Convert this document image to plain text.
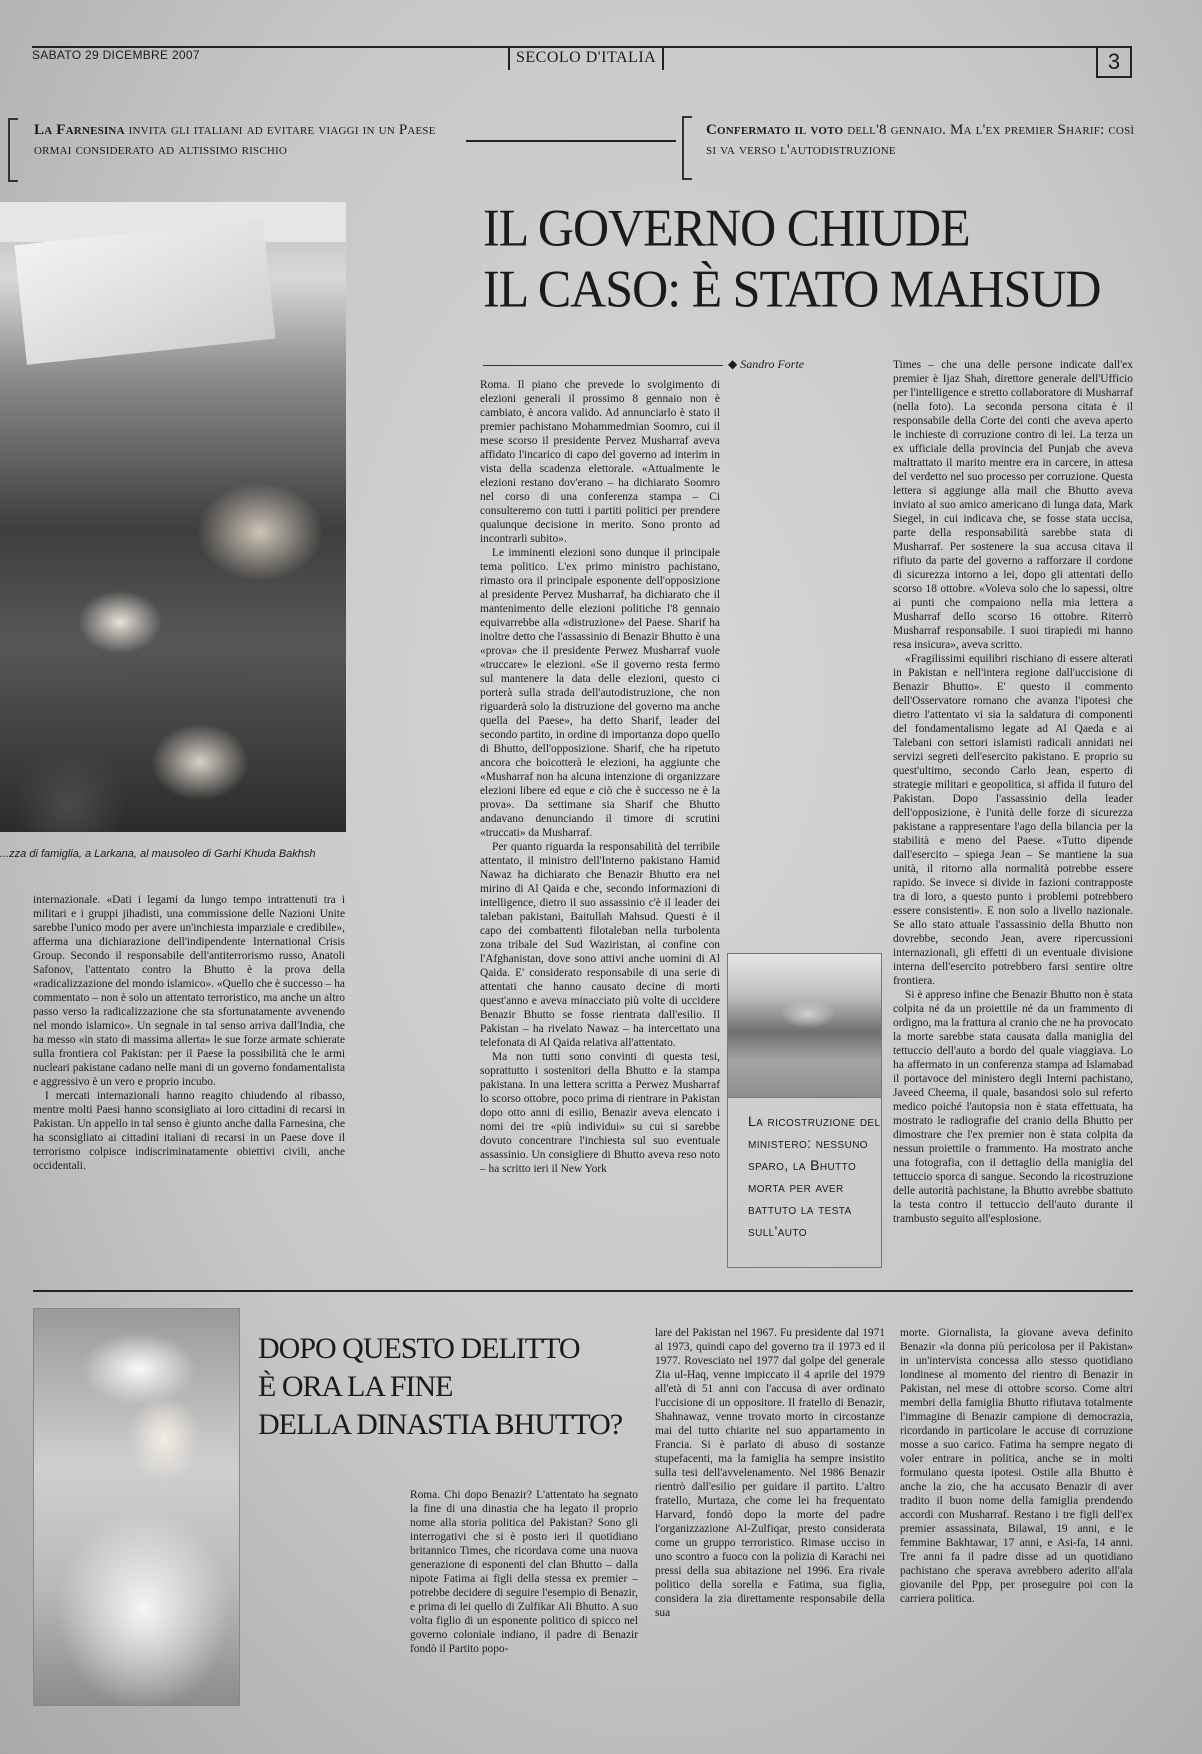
SABATO 29 DICEMBRE 2007	SECOLO D'ITALIA	3
La Farnesina invita gli italiani ad evitare viaggi in un Paese ormai considerato ad altissimo rischio
Confermato il voto dell'8 gennaio. Ma l'ex premier Sharif: così si va verso l'autodistruzione
...zza di famiglia, a Larkana, al mausoleo di Garhi Khuda Bakhsh
IL GOVERNO CHIUDE
IL CASO: È STATO MAHSUD
◆ Sandro Forte

Roma. Il piano che prevede lo svolgimento di elezioni generali il prossimo 8 gennaio non è cambiato, è ancora valido. Ad annunciarlo è stato il premier pachistano Mohammedmian Soomro, cui il mese scorso il presidente Pervez Musharraf aveva affidato l'incarico di capo del governo ad interim in vista della scadenza elettorale. «Attualmente le elezioni restano dov'erano – ha dichiarato Soomro nel corso di una conferenza stampa – Ci consulteremo con tutti i partiti politici per prendere qualunque decisione in merito. Sono pronto ad incontrarli subito».

Le imminenti elezioni sono dunque il principale tema politico. L'ex primo ministro pachistano, rimasto ora il principale esponente dell'opposizione al presidente Pervez Musharraf, ha dichiarato che il mantenimento delle elezioni politiche l'8 gennaio equivarrebbe alla «distruzione» del Paese. Sharif ha inoltre detto che l'assassinio di Benazir Bhutto è una «prova» che il presidente Perwez Musharraf vuole «truccare» le elezioni. «Se il governo resta fermo sul mantenere la data delle elezioni, questo ci porterà sulla strada dell'autodistruzione, che non riguarderà solo la distruzione del governo ma anche quella del Paese», ha detto Sharif, leader del secondo partito, in ordine di importanza dopo quello di Bhutto, dell'opposizione. Sharif, che ha ripetuto ancora che boicotterà le elezioni, ha aggiunte che «Musharraf non ha alcuna intenzione di organizzare elezioni libere ed eque e ciò che è successo ne è la prova». Da settimane sia Sharif che Bhutto andavano denunciando il timore di scrutini «truccati» da Musharraf.

Per quanto riguarda la responsabilità del terribile attentato, il ministro dell'Interno pakistano Hamid Nawaz ha dichiarato che Benazir Bhutto era nel mirino di Al Qaida e che, secondo informazioni di intelligence, dietro il suo assassinio c'è il leader dei taleban pakistani, Baitullah Mahsud. Questi è il capo dei combattenti filotaleban nella turbolenta zona tribale del Sud Waziristan, al confine con l'Afghanistan, dove sono attivi anche uomini di Al Qaida. E' considerato responsabile di una serie di attentati che hanno causato decine di morti quest'anno e aveva minacciato più volte di uccidere Benazir Bhutto se fosse rientrata dall'esilio. Il Pakistan – ha rivelato Nawaz – ha intercettato una telefonata di Al Qaida relativa all'attentato.

Ma non tutti sono convinti di questa tesi, soprattutto i sostenitori della Bhutto e la stampa pakistana. In una lettera scritta a Perwez Musharraf lo scorso ottobre, poco prima di rientrare in Pakistan dopo otto anni di esilio, Benazir aveva elencato i nomi dei tre «più individui» su cui si sarebbe dovuto concentrare l'inchiesta sul suo eventuale assassinio. Un consigliere di Bhutto aveva reso noto – ha scritto ieri il New York

Times – che una delle persone indicate dall'ex premier è Ijaz Shah, direttore generale dell'Ufficio per l'intelligence e stretto collaboratore di Musharraf (nella foto). La seconda persona citata è il responsabile della Corte dei conti che aveva aperto le inchieste di corruzione contro di lei. La terza un ex ufficiale della provincia del Punjab che aveva maltrattato il marito mentre era in carcere, in attesa del verdetto nel suo processo per corruzione. Questa lettera si aggiunge alla mail che Bhutto aveva inviato al suo amico americano di lunga data, Mark Siegel, in cui indicava che, se fosse stata uccisa, parte della responsabilità sarebbe stata di Musharraf. Per sostenere la sua accusa citava il rifiuto da parte del governo a rafforzare il cordone di sicurezza intorno a lei, dopo gli attentati dello scorso 18 ottobre. «Voleva solo che lo sapessi, oltre ai punti che compaiono nella mia lettera a Musharraf dello scorso 16 ottobre. Riterrò Musharraf responsabile. I suoi tirapiedi mi hanno resa insicura», aveva scritto.

«Fragilissimi equilibri rischiano di essere alterati in Pakistan e nell'intera regione dall'uccisione di Benazir Bhutto». E' questo il commento dell'Osservatore romano che avanza l'ipotesi che dietro l'attentato vi sia la saldatura di componenti del fondamentalismo legate ad Al Qaeda e ai Talebani con settori islamisti radicali annidati nei servizi segreti dell'esercito pakistano. E proprio su quest'ultimo, secondo Carlo Jean, esperto di strategie militari e geopolitica, si affida il futuro del Pakistan. Dopo l'assassinio della leader dell'opposizione, è l'unità delle forze di sicurezza pakistane a rappresentare l'ago della bilancia per la stabilità e meno del Paese. «Tutto dipende dall'esercito – spiega Jean – Se mantiene la sua unità, il ritorno alla normalità potrebbe essere rapido. Se invece si divide in fazioni contrapposte tra di loro, a questo punto i problemi potrebbero essere consistenti». E non solo a livello nazionale. Se allo stato attuale l'assassinio della Bhutto non dovrebbe, secondo Jean, avere ripercussioni internazionali, gli effetti di un eventuale divisione interna dell'esercito potrebbero farsi sentire oltre frontiera.

Si è appreso infine che Benazir Bhutto non è stata colpita né da un proiettile né da un frammento di ordigno, ma la frattura al cranio che ne ha provocato la morte sarebbe stata causata dalla maniglia del tettuccio dell'auto a bordo del quale viaggiava. Lo ha affermato in un conferenza stampa ad Islamabad il portavoce del ministero degli Interni pachistano, Javeed Cheema, il quale, basandosi solo sul referto medico poiché l'autopsia non è stata effettuata, ha mostrato le radiografie del cranio della Bhutto per dimostrare che l'ex premier non è stata colpita da nessun proiettile o frammento. Ha mostrato anche una fotografia, con il dettaglio della maniglia del tettuccio sporca di sangue. Secondo la ricostruzione delle autorità pachistane, la Bhutto avrebbe sbattuto la testa contro il tettuccio dell'auto durante il trambusto seguito all'esplosione.

internazionale. «Dati i legami da lungo tempo intrattenuti tra i militari e i gruppi jihadisti, una commissione delle Nazioni Unite sarebbe l'unico modo per avere un'inchiesta imparziale e credibile», afferma una dichiarazione dell'indipendente International Crisis Group. Secondo il responsabile dell'antiterrorismo russo, Anatoli Safonov, l'attentato contro la Bhutto è la prova della «radicalizzazione del mondo islamico». «Quello che è successo – ha commentato – non è solo un attentato terroristico, ma anche un altro passo verso la radicalizzazione che sta sfortunatamente avvenendo nel mondo islamico». Un segnale in tal senso arriva dall'India, che ha messo «in stato di massima allerta» le sue forze armate schierate sulla frontiera col Pakistan: per il Paese la possibilità che le armi nucleari pakistane cadano nelle mani di un governo fondamentalista e aggressivo è un vero e proprio incubo.

I mercati internazionali hanno reagito chiudendo al ribasso, mentre molti Paesi hanno sconsigliato ai loro cittadini di recarsi in Pakistan. Un appello in tal senso è giunto anche dalla Farnesina, che ha sconsigliato ai cittadini italiani di recarsi in un Paese dove il terrorismo colpisce indiscriminatamente obiettivi civili, anche occidentali.

La ricostruzione del ministero: nessuno sparo, la Bhutto morta per aver battuto la testa sull'auto
DOPO QUESTO DELITTO
È ORA LA FINE
DELLA DINASTIA BHUTTO?

Roma. Chi dopo Benazir? L'attentato ha segnato la fine di una dinastia che ha legato il proprio nome alla storia politica del Pakistan? Sono gli interrogativi che si è posto ieri il quotidiano britannico Times, che ricordava come una nuova generazione di esponenti del clan Bhutto – dalla nipote Fatima ai figli della stessa ex premier – potrebbe decidere di seguire l'esempio di Benazir, e prima di lei quello di Zulfikar Ali Bhutto. A suo volta figlio di un esponente politico di spicco nel governo coloniale indiano, il padre di Benazir fondò il Partito popo-

lare del Pakistan nel 1967. Fu presidente dal 1971 al 1973, quindi capo del governo tra il 1973 ed il 1977. Rovesciato nel 1977 dal golpe del generale Zia ul-Haq, venne impiccato il 4 aprile del 1979 all'età di 51 anni con l'accusa di aver ordinato l'uccisione di un oppositore. Il fratello di Benazir, Shahnawaz, venne trovato morto in circostanze mai del tutto chiarite nel suo appartamento in Francia. Si è parlato di abuso di sostanze stupefacenti, ma la famiglia ha sempre insistito sulla tesi dell'avvelenamento. Nel 1986 Benazir rientrò dall'esilio per guidare il partito. L'altro fratello, Murtaza, che come lei ha frequentato Harvard, fondò dopo la morte del padre l'organizzazione Al-Zulfiqar, presto considerata come un gruppo terroristico. Rimase ucciso in uno scontro a fuoco con la polizia di Karachi nei pressi della sua abitazione nel 1996. Era rivale politico della sorella e Fatima, sua figlia, considera la zia direttamente responsabile della sua

morte. Giornalista, la giovane aveva definito Benazir «la donna più pericolosa per il Pakistan» in un'intervista concessa allo stesso quotidiano londinese al momento del rientro di Benazir in Pakistan, nel mese di ottobre scorso. Come altri membri della famiglia Bhutto rifiutava totalmente l'immagine di Benazir campione di democrazia, ricordando in particolare le accuse di corruzione mosse a suo carico. Fatima ha sempre negato di voler entrare in politica, anche se in molti formulano questa ipotesi. Ostile alla Bhutto è anche la zio, che ha accusato Benazir di aver tradito il buon nome della famiglia prendendo accordi con Musharraf. Restano i tre figli dell'ex premier assassinata, Bilawal, 19 anni, e le femmine Bakhtawar, 17 anni, e Asi-fa, 14 anni. Tre anni fa il padre disse ad un quotidiano pachistano che sperava avrebbero aderito all'ala giovanile del Ppp, per proseguire poi con la carriera politica.
